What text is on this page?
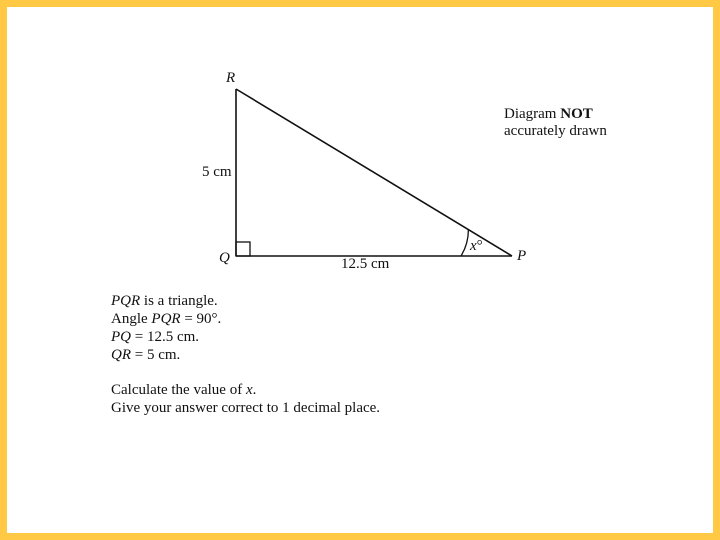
R
Q	P
5 cm
12.5 cm
x°
Diagram NOT
accurately drawn

PQR is a triangle.

Angle PQR = 90°.

PQ = 12.5 cm.

QR = 5 cm.

Calculate the value of x.

Give your answer correct to 1 decimal place.
